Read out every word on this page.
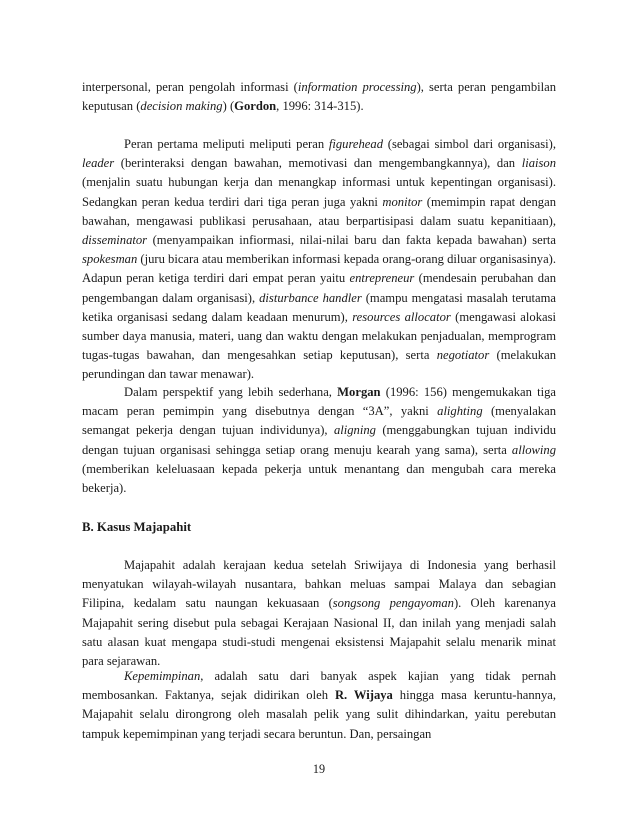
interpersonal, peran pengolah informasi (information processing), serta peran pengambilan keputusan (decision making) (Gordon, 1996: 314-315).

Peran pertama meliputi meliputi peran figurehead (sebagai simbol dari organisasi), leader (berinteraksi dengan bawahan, memotivasi dan mengembangkannya), dan liaison (menjalin suatu hubungan kerja dan menangkap informasi untuk kepentingan organisasi). Sedangkan peran kedua terdiri dari tiga peran juga yakni monitor (memimpin rapat dengan bawahan, mengawasi publikasi perusahaan, atau berpartisipasi dalam suatu kepanitiaan), disseminator (menyampaikan infiormasi, nilai-nilai baru dan fakta kepada bawahan) serta spokesman (juru bicara atau memberikan informasi kepada orang-orang diluar organisasinya). Adapun peran ketiga terdiri dari empat peran yaitu entrepreneur (mendesain perubahan dan pengembangan dalam organisasi), disturbance handler (mampu mengatasi masalah terutama ketika organisasi sedang dalam keadaan menurum), resources allocator (mengawasi alokasi sumber daya manusia, materi, uang dan waktu dengan melakukan penjadualan, memprogram tugas-tugas bawahan, dan mengesahkan setiap keputusan), serta negotiator (melakukan perundingan dan tawar menawar).

Dalam perspektif yang lebih sederhana, Morgan (1996: 156) mengemukakan tiga macam peran pemimpin yang disebutnya dengan “3A”, yakni alighting (menyalakan semangat pekerja dengan tujuan individunya), aligning (menggabungkan tujuan individu dengan tujuan organisasi sehingga setiap orang menuju kearah yang sama), serta allowing (memberikan keleluasaan kepada pekerja untuk menantang dan mengubah cara mereka bekerja).

B. Kasus Majapahit

Majapahit adalah kerajaan kedua setelah Sriwijaya di Indonesia yang berhasil menyatukan wilayah-wilayah nusantara, bahkan meluas sampai Malaya dan sebagian Filipina, kedalam satu naungan kekuasaan (songsong pengayoman). Oleh karenanya Majapahit sering disebut pula sebagai Kerajaan Nasional II, dan inilah yang menjadi salah satu alasan kuat mengapa studi-studi mengenai eksistensi Majapahit selalu menarik minat para sejarawan.

Kepemimpinan, adalah satu dari banyak aspek kajian yang tidak pernah membosankan. Faktanya, sejak didirikan oleh R. Wijaya hingga masa keruntu-hannya, Majapahit selalu dirongrong oleh masalah pelik yang sulit dihindarkan, yaitu perebutan tampuk kepemimpinan yang terjadi secara beruntun. Dan, persaingan

19
